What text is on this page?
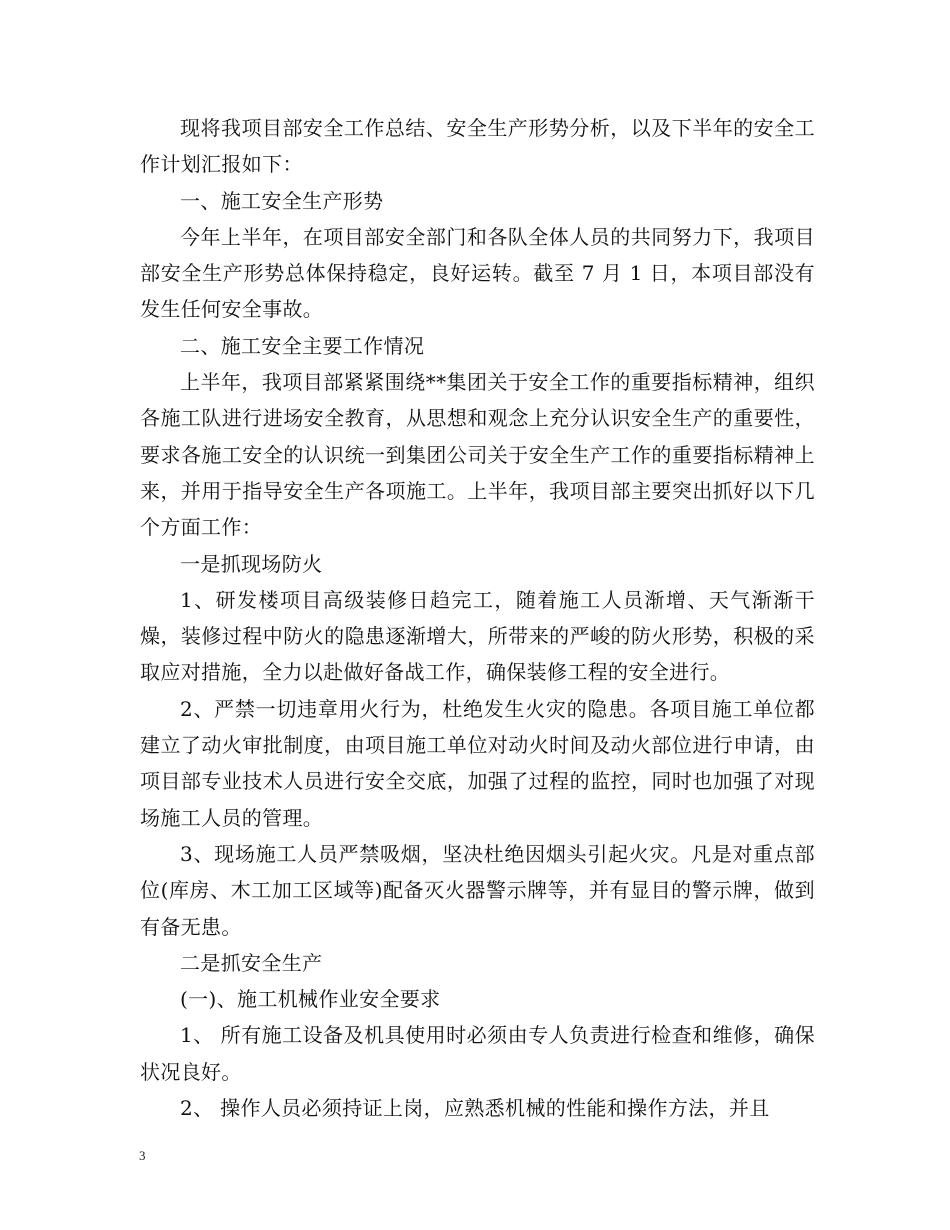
现将我项目部安全工作总结、安全生产形势分析，以及下半年的安全工作计划汇报如下：

一、施工安全生产形势

今年上半年，在项目部安全部门和各队全体人员的共同努力下，我项目部安全生产形势总体保持稳定，良好运转。截至 7 月 1 日，本项目部没有发生任何安全事故。

二、施工安全主要工作情况

上半年，我项目部紧紧围绕**集团关于安全工作的重要指标精神，组织各施工队进行进场安全教育，从思想和观念上充分认识安全生产的重要性，要求各施工安全的认识统一到集团公司关于安全生产工作的重要指标精神上来，并用于指导安全生产各项施工。上半年，我项目部主要突出抓好以下几个方面工作：

一是抓现场防火

1、研发楼项目高级装修日趋完工，随着施工人员渐增、天气渐渐干燥，装修过程中防火的隐患逐渐增大，所带来的严峻的防火形势，积极的采取应对措施，全力以赴做好备战工作，确保装修工程的安全进行。

2、严禁一切违章用火行为，杜绝发生火灾的隐患。各项目施工单位都建立了动火审批制度，由项目施工单位对动火时间及动火部位进行申请，由项目部专业技术人员进行安全交底，加强了过程的监控，同时也加强了对现场施工人员的管理。

3、现场施工人员严禁吸烟，坚决杜绝因烟头引起火灾。凡是对重点部位(库房、木工加工区域等)配备灭火器警示牌等，并有显目的警示牌，做到有备无患。

二是抓安全生产

(一)、施工机械作业安全要求

1、 所有施工设备及机具使用时必须由专人负责进行检查和维修，确保状况良好。

2、 操作人员必须持证上岗，应熟悉机械的性能和操作方法，并且

3
